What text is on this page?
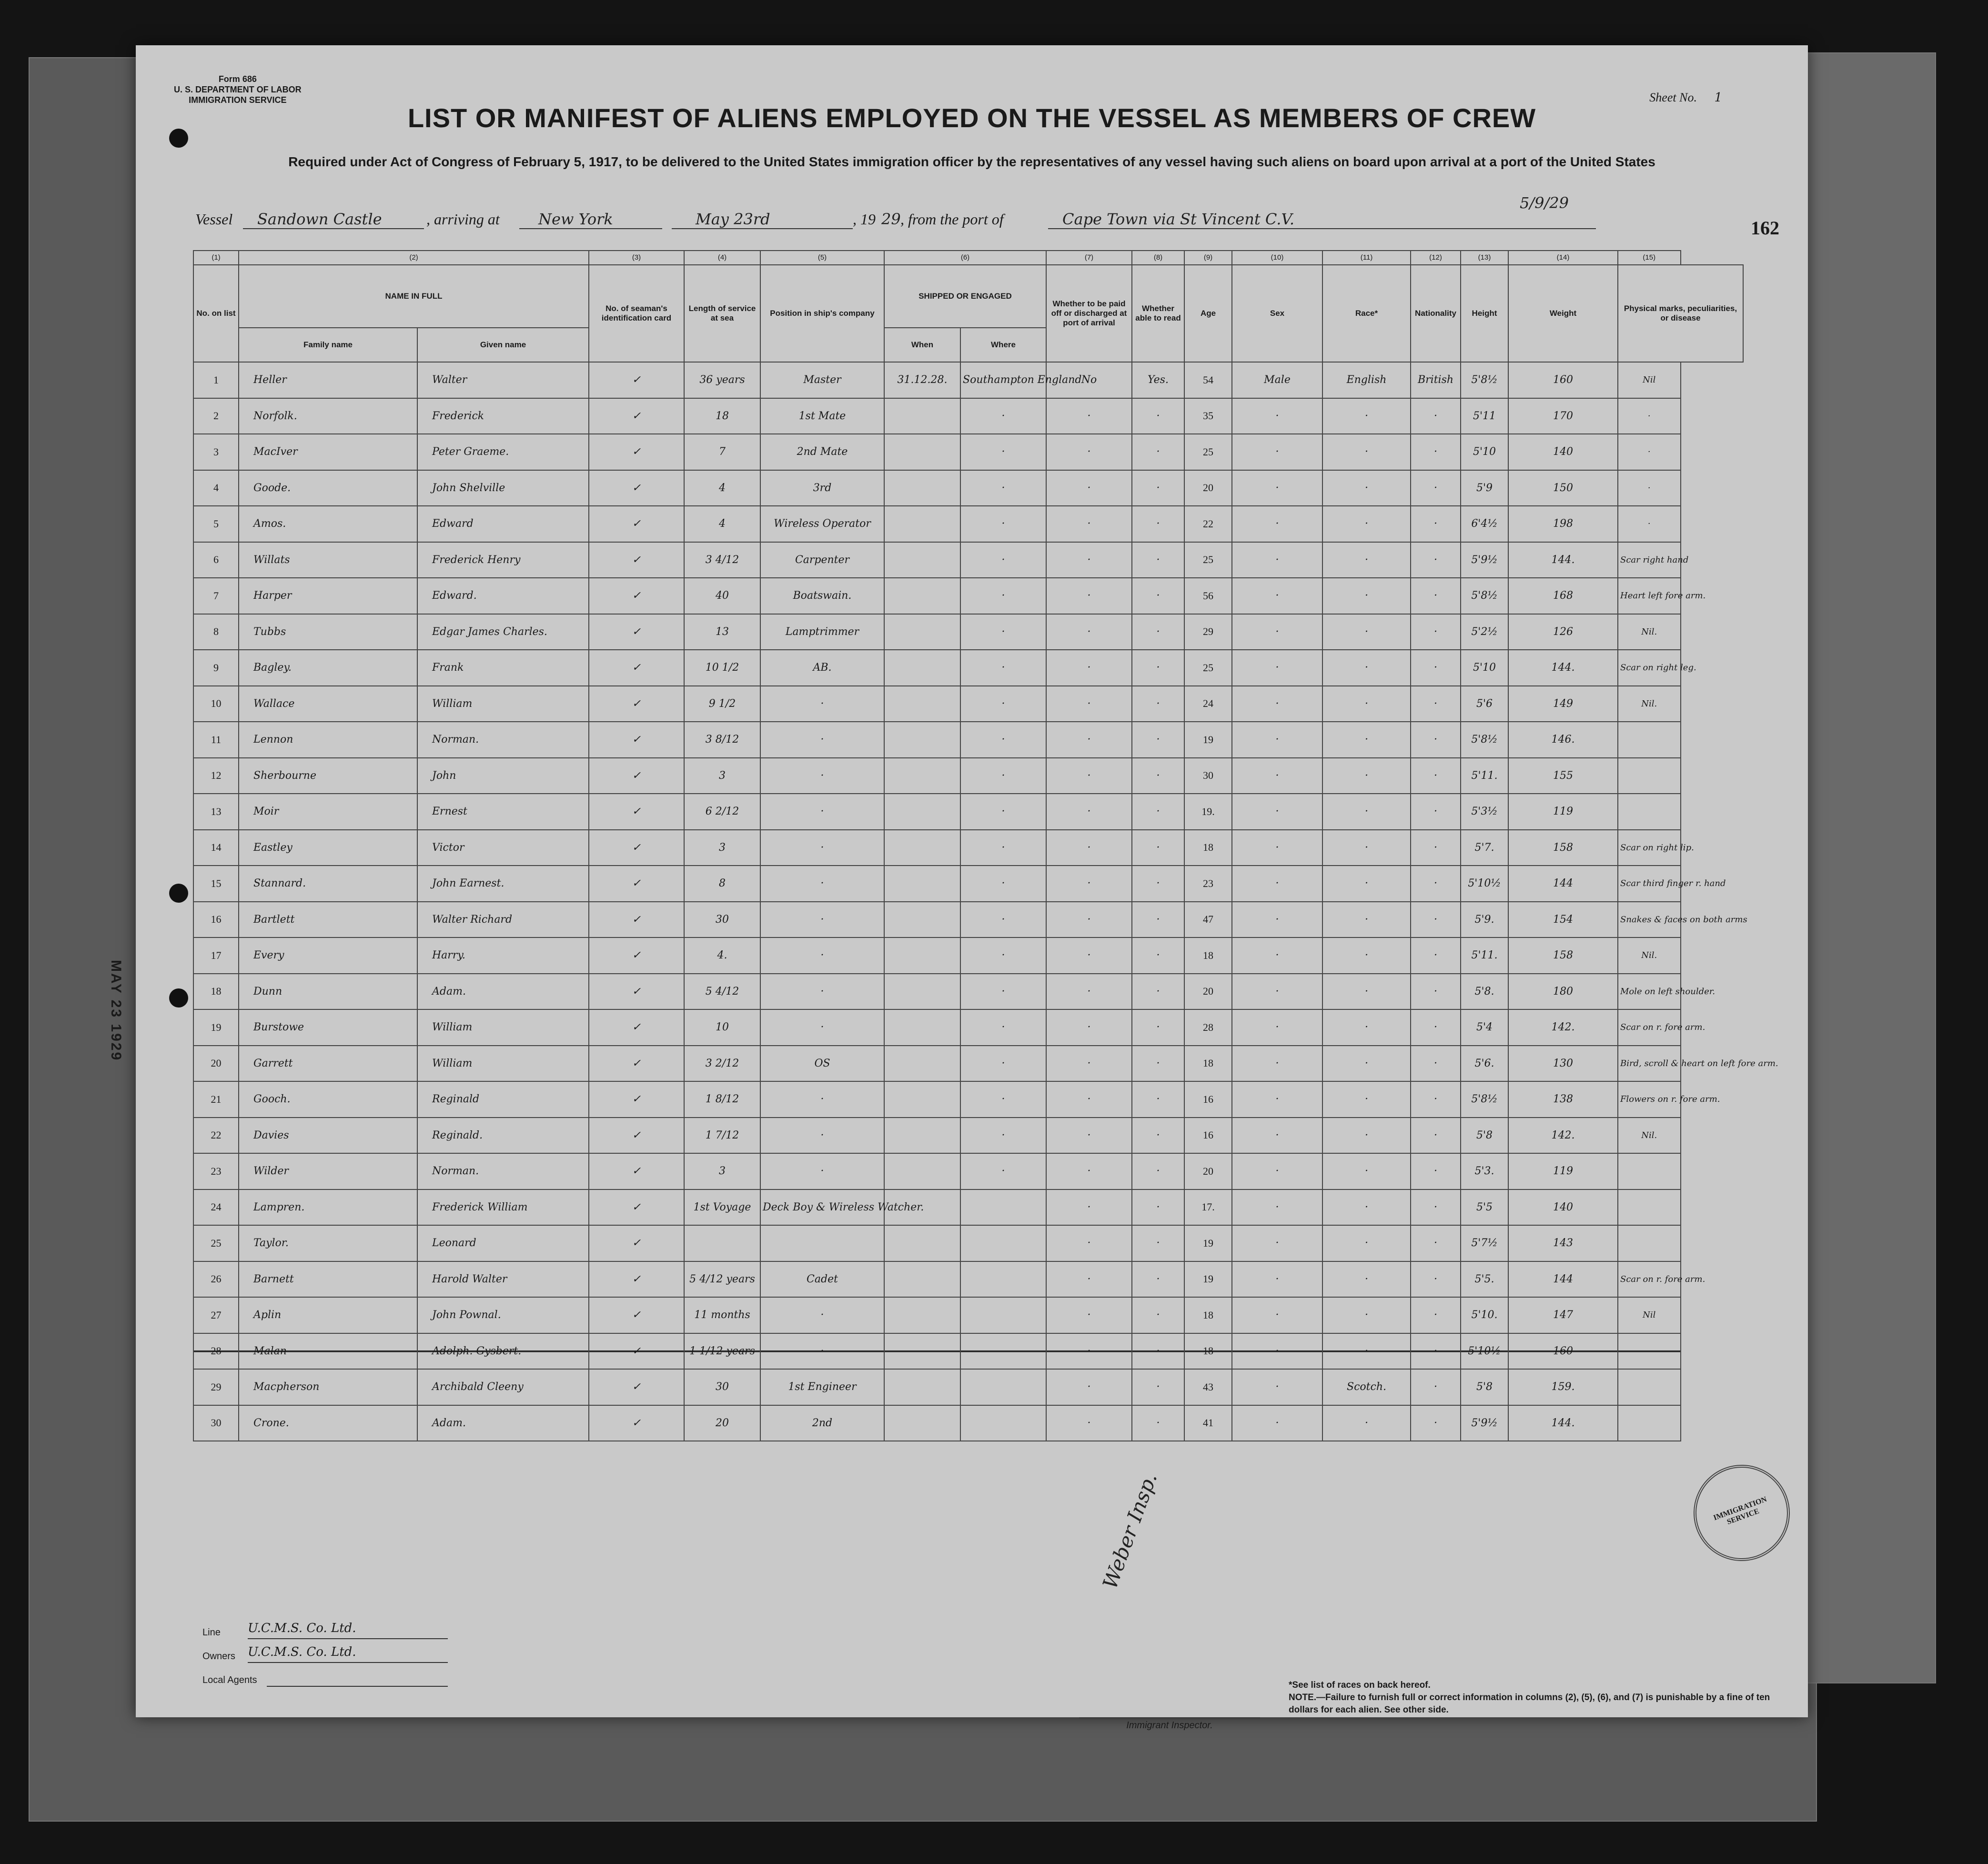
Form 686
U. S. DEPARTMENT OF LABOR
IMMIGRATION SERVICE	Sheet No. 1
LIST OR MANIFEST OF ALIENS EMPLOYED ON THE VESSEL AS MEMBERS OF CREW
Required under Act of Congress of February 5, 1917, to be delivered to the United States immigration officer by the representatives of any vessel having such aliens on board upon arrival at a port of the United States
Vessel Sandown Castle	, arriving at	New York	May 23rd	, 19 29 , from the port of	Cape Town via St Vincent C.V.
5/9/29
162
MAY 23 1929
(1)	(2)		(3)	(4)	(5)	(6)		(7)	(8)	(9)	(10)	(11)	(12)	(13)	(14)	(15)
No. on list	NAME IN FULL		No. of seaman's identification card	Length of service at sea	Position in ship's company	SHIPPED OR ENGAGED		Whether to be paid off or discharged at port of arrival	Whether able to read	Age	Sex	Race*	Nationality	Height	Weight	Physical marks, peculiarities, or disease
	Family name	Given name				When	Where									
1	Heller	Walter	✓	36 years	Master	31.12.28.	Southampton England	No	Yes.	54	Male	English	British	5'8½	160	Nil
2	Norfolk.	Frederick	✓	18	1st Mate		·	·	·	35	·	·	·	5'11	170	·
3	MacIver	Peter Graeme.	✓	7	2nd Mate		·	·	·	25	·	·	·	5'10	140	·
4	Goode.	John Shelville	✓	4	3rd		·	·	·	20	·	·	·	5'9	150	·
5	Amos.	Edward	✓	4	Wireless Operator		·	·	·	22	·	·	·	6'4½	198	·
6	Willats	Frederick Henry	✓	3 4/12	Carpenter		·	·	·	25	·	·	·	5'9½	144.	Scar right hand
7	Harper	Edward.	✓	40	Boatswain.		·	·	·	56	·	·	·	5'8½	168	Heart left fore arm.
8	Tubbs	Edgar James Charles.	✓	13	Lamptrimmer		·	·	·	29	·	·	·	5'2½	126	Nil.
9	Bagley.	Frank	✓	10 1/2	AB.		·	·	·	25	·	·	·	5'10	144.	Scar on right leg.
10	Wallace	William	✓	9 1/2	·		·	·	·	24	·	·	·	5'6	149	Nil.
11	Lennon	Norman.	✓	3 8/12	·		·	·	·	19	·	·	·	5'8½	146.	
12	Sherbourne	John	✓	3	·		·	·	·	30	·	·	·	5'11.	155	
13	Moir	Ernest	✓	6 2/12	·		·	·	·	19.	·	·	·	5'3½	119	
14	Eastley	Victor	✓	3	·		·	·	·	18	·	·	·	5'7.	158	Scar on right lip.
15	Stannard.	John Earnest.	✓	8	·		·	·	·	23	·	·	·	5'10½	144	Scar third finger r. hand
16	Bartlett	Walter Richard	✓	30	·		·	·	·	47	·	·	·	5'9.	154	Snakes & faces on both arms
17	Every	Harry.	✓	4.	·		·	·	·	18	·	·	·	5'11.	158	Nil.
18	Dunn	Adam.	✓	5 4/12	·		·	·	·	20	·	·	·	5'8.	180	Mole on left shoulder.
19	Burstowe	William	✓	10	·		·	·	·	28	·	·	·	5'4	142.	Scar on r. fore arm.
20	Garrett	William	✓	3 2/12	OS		·	·	·	18	·	·	·	5'6.	130	Bird, scroll & heart on left fore arm.
21	Gooch.	Reginald	✓	1 8/12	·		·	·	·	16	·	·	·	5'8½	138	Flowers on r. fore arm.
22	Davies	Reginald.	✓	1 7/12	·		·	·	·	16	·	·	·	5'8	142.	Nil.
23	Wilder	Norman.	✓	3	·		·	·	·	20	·	·	·	5'3.	119	
24	Lampren.	Frederick William	✓	1st Voyage	Deck Boy & Wireless Watcher.			·	·	17.	·	·	·	5'5	140	
25	Taylor.	Leonard	✓					·	·	19	·	·	·	5'7½	143	
26	Barnett	Harold Walter	✓	5 4/12 years	Cadet			·	·	19	·	·	·	5'5.	144	Scar on r. fore arm.
27	Aplin	John Pownal.	✓	11 months	·			·	·	18	·	·	·	5'10.	147	Nil
28	Malan	Adolph. Gysbert.	✓	1 1/12 years	·			·	·	18	·	·	·	5'10½	160	
29	Macpherson	Archibald Cleeny	✓	30	1st Engineer			·	·	43	·	Scotch.	·	5'8	159.	
30	Crone.	Adam.	✓	20	2nd			·	·	41	·	·	·	5'9½	144.	
IMMIGRATION SERVICE
Line	U.C.M.S. Co. Ltd.
Owners	U.C.M.S. Co. Ltd.
Local Agents
Weber Insp.
Immigrant Inspector.
*See list of races on back hereof.
NOTE.—Failure to furnish full or correct information in columns (2), (5), (6), and (7) is punishable by a fine of ten dollars for each alien. See other side.
